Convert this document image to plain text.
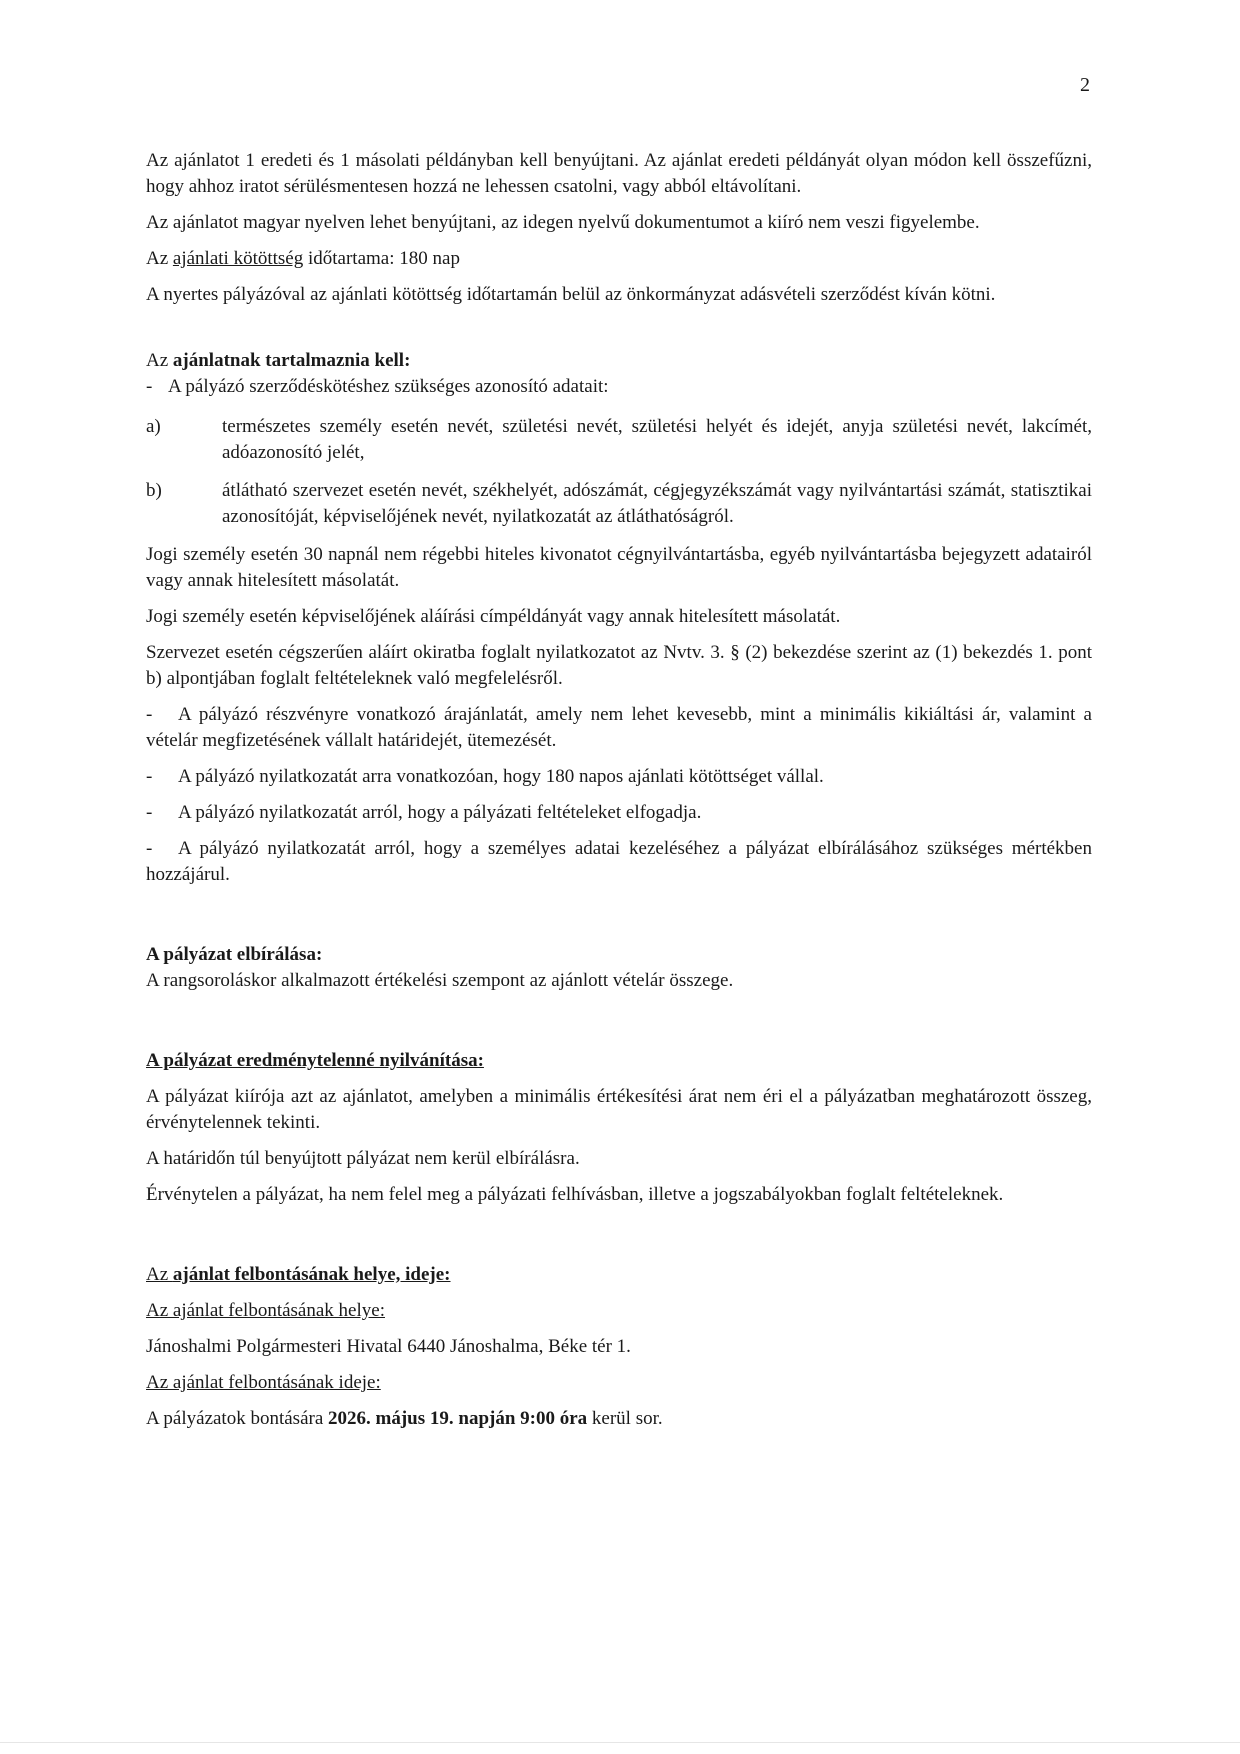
2

Az ajánlatot 1 eredeti és 1 másolati példányban kell benyújtani. Az ajánlat eredeti példányát olyan módon kell összefűzni, hogy ahhoz iratot sérülésmentesen hozzá ne lehessen csatolni, vagy abból eltávolítani.

Az ajánlatot magyar nyelven lehet benyújtani, az idegen nyelvű dokumentumot a kiíró nem veszi figyelembe.

Az ajánlati kötöttség időtartama: 180 nap

A nyertes pályázóval az ajánlati kötöttség időtartamán belül az önkormányzat adásvételi szerződést kíván kötni.

Az ajánlatnak tartalmaznia kell:

- A pályázó szerződéskötéshez szükséges azonosító adatait:
a)	természetes személy esetén nevét, születési nevét, születési helyét és idejét, anyja születési nevét, lakcímét, adóazonosító jelét,
b)	átlátható szervezet esetén nevét, székhelyét, adószámát, cégjegyzékszámát vagy nyilvántartási számát, statisztikai azonosítóját, képviselőjének nevét, nyilatkozatát az átláthatóságról.

Jogi személy esetén 30 napnál nem régebbi hiteles kivonatot cégnyilvántartásba, egyéb nyilvántartásba bejegyzett adatairól vagy annak hitelesített másolatát.

Jogi személy esetén képviselőjének aláírási címpéldányát vagy annak hitelesített másolatát.

Szervezet esetén cégszerűen aláírt okiratba foglalt nyilatkozatot az Nvtv. 3. § (2) bekezdése szerint az (1) bekezdés 1. pont b) alpontjában foglalt feltételeknek való megfelelésről.

- A pályázó részvényre vonatkozó árajánlatát, amely nem lehet kevesebb, mint a minimális kikiáltási ár, valamint a vételár megfizetésének vállalt határidejét, ütemezését.
- A pályázó nyilatkozatát arra vonatkozóan, hogy 180 napos ajánlati kötöttséget vállal.
- A pályázó nyilatkozatát arról, hogy a pályázati feltételeket elfogadja.
- A pályázó nyilatkozatát arról, hogy a személyes adatai kezeléséhez a pályázat elbírálásához szükséges mértékben hozzájárul.

A pályázat elbírálása:

A rangsoroláskor alkalmazott értékelési szempont az ajánlott vételár összege.

A pályázat eredménytelenné nyilvánítása:

A pályázat kiírója azt az ajánlatot, amelyben a minimális értékesítési árat nem éri el a pályázatban meghatározott összeg, érvénytelennek tekinti.

A határidőn túl benyújtott pályázat nem kerül elbírálásra.

Érvénytelen a pályázat, ha nem felel meg a pályázati felhívásban, illetve a jogszabályokban foglalt feltételeknek.

Az ajánlat felbontásának helye, ideje:

Az ajánlat felbontásának helye:

Jánoshalmi Polgármesteri Hivatal 6440 Jánoshalma, Béke tér 1.

Az ajánlat felbontásának ideje:

A pályázatok bontására 2026. május 19. napján 9:00 óra kerül sor.
